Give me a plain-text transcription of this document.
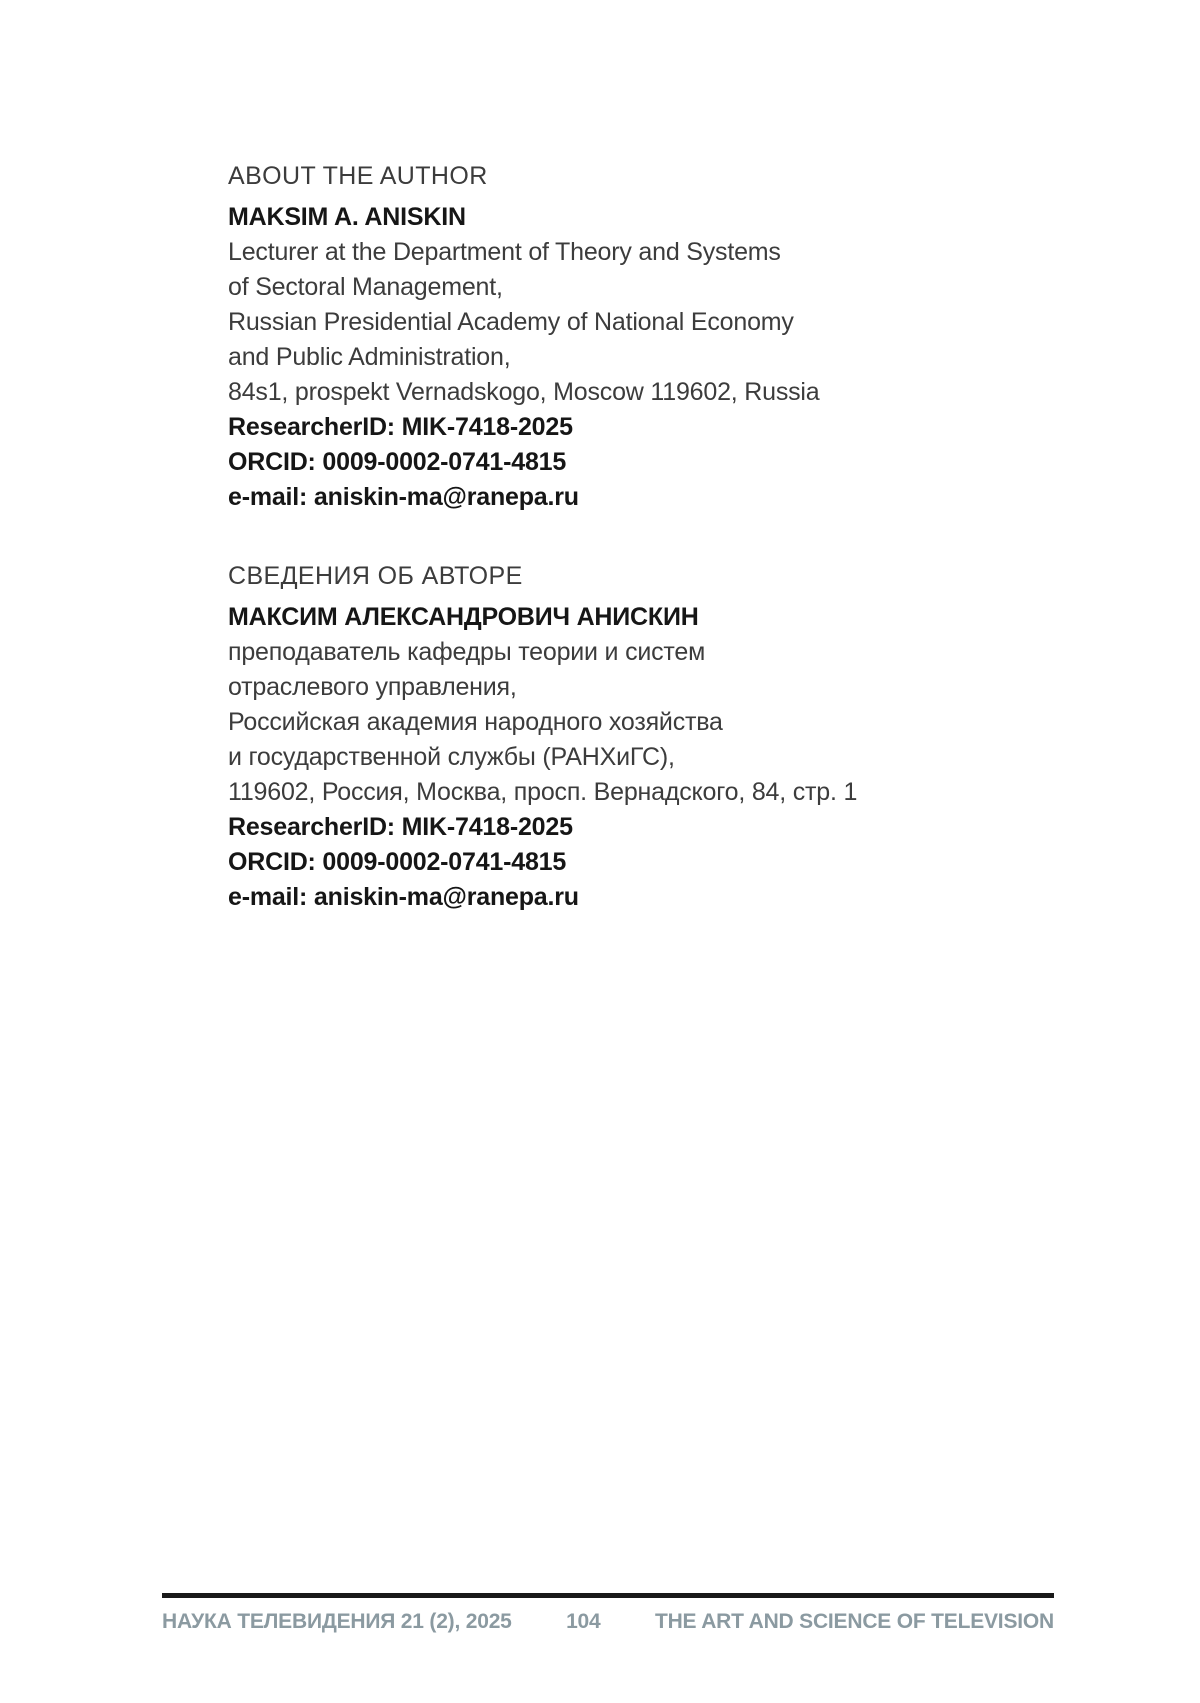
ABOUT THE AUTHOR

MAKSIM A. ANISKIN

Lecturer at the Department of Theory and Systems

of Sectoral Management,

Russian Presidential Academy of National Economy

and Public Administration,

84s1, prospekt Vernadskogo, Moscow 119602, Russia

ResearcherID: MIK-7418-2025

ORCID: 0009-0002-0741-4815

e-mail: aniskin-ma@ranepa.ru

СВЕДЕНИЯ ОБ АВТОРЕ

МАКСИМ АЛЕКСАНДРОВИЧ АНИСКИН

преподаватель кафедры теории и систем

отраслевого управления,

Российская академия народного хозяйства

и государственной службы (РАНХиГС),

119602, Россия, Москва, просп. Вернадского, 84, стр. 1

ResearcherID: MIK-7418-2025

ORCID: 0009-0002-0741-4815

e-mail: aniskin-ma@ranepa.ru

НАУКА ТЕЛЕВИДЕНИЯ 21 (2), 2025	104	THE ART AND SCIENCE OF TELEVISION
